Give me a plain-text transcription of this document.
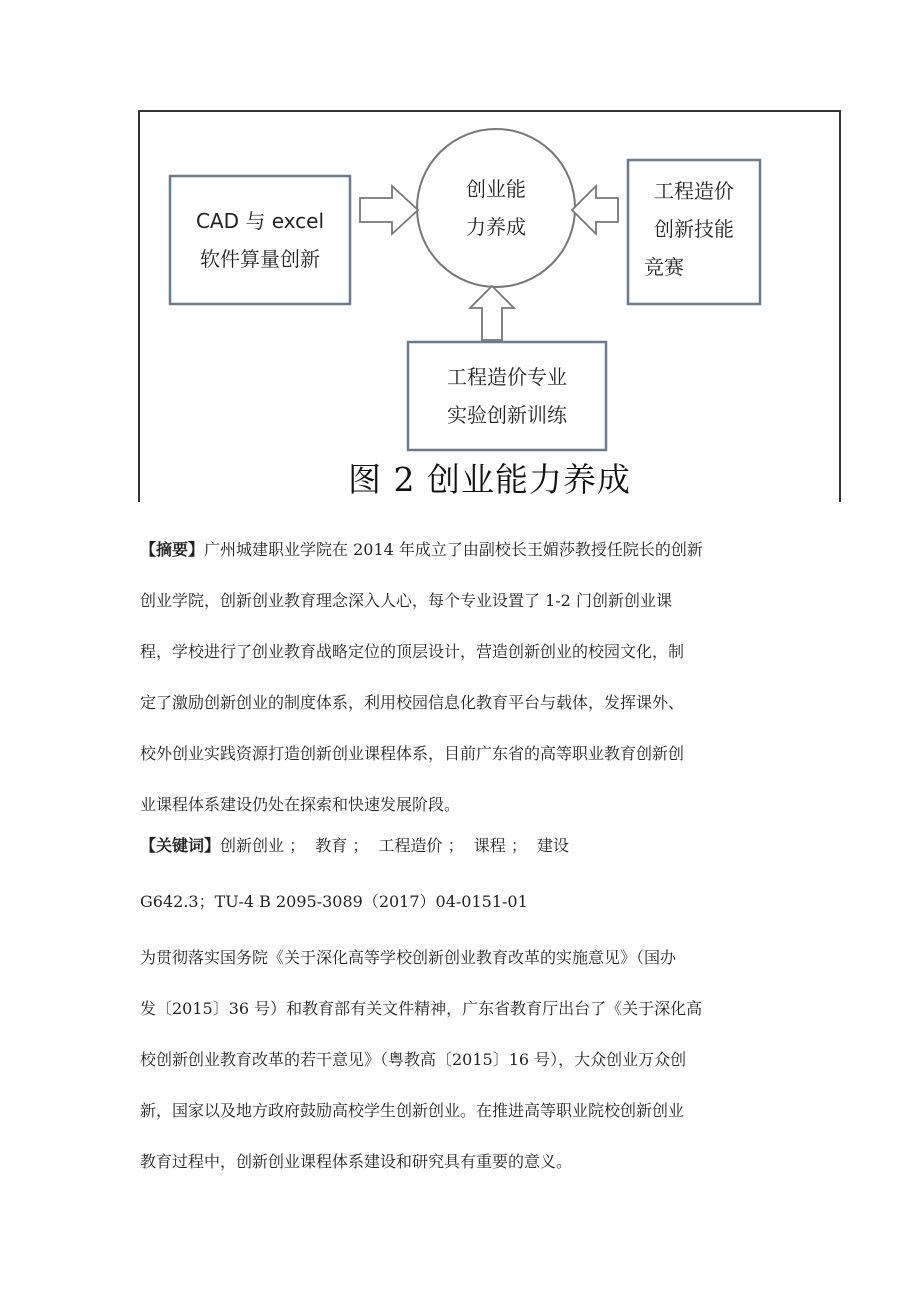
创业能
力养成
CAD 与 excel
软件算量创新
工程造价
创新技能
竞赛
工程造价专业
实验创新训练
图 2 创业能力养成

【摘要】广州城建职业学院在 2014 年成立了由副校长王媚莎教授任院长的创新

创业学院，创新创业教育理念深入人心，每个专业设置了 1-2 门创新创业课

程，学校进行了创业教育战略定位的顶层设计，营造创新创业的校园文化，制

定了激励创新创业的制度体系，利用校园信息化教育平台与载体，发挥课外、

校外创业实践资源打造创新创业课程体系，目前广东省的高等职业教育创新创

业课程体系建设仍处在探索和快速发展阶段。

【关键词】创新创业 ；  教育 ；  工程造价 ；  课程 ；  建设

G642.3；TU-4 B 2095-3089（2017）04-0151-01

为贯彻落实国务院《关于深化高等学校创新创业教育改革的实施意见》（国办

发〔2015〕36 号）和教育部有关文件精神，广东省教育厅出台了《关于深化高

校创新创业教育改革的若干意见》（粤教高〔2015〕16 号），大众创业万众创

新，国家以及地方政府鼓励高校学生创新创业。在推进高等职业院校创新创业

教育过程中，创新创业课程体系建设和研究具有重要的意义。
